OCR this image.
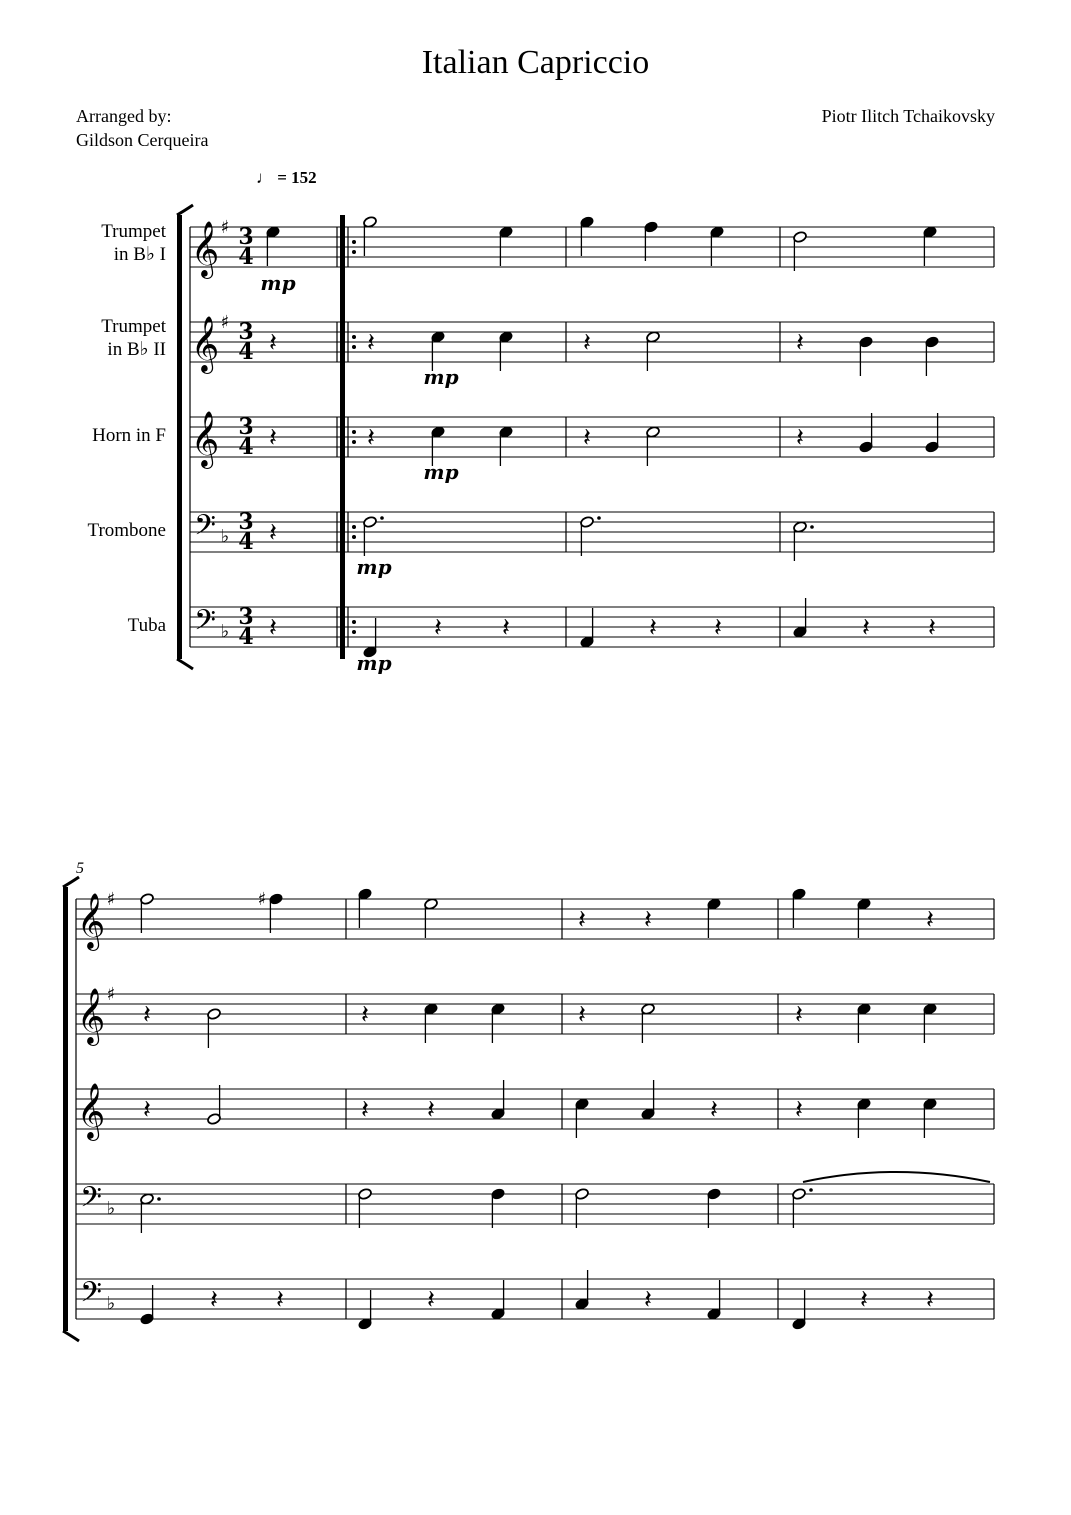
Italian Capriccio
Arranged by:
Gildson Cerqueira
Piotr Ilitch Tchaikovsky
♩ = 152
Trumpet
in B♭ I
Trumpet
in B♭ II
Horn in F
Trombone
Tuba
5
𝄞 ♯ 3
4
𝄞 ♯ 3
4
𝄞 3
4
𝄢 ♭
3
4
𝄢 ♭
3
4
𝄞 ♯
𝄞 ♯
𝄞
𝄢 ♭
𝄢 ♭
mp
𝄽	𝄽
mp
𝄽	𝄽
𝄽	𝄽
mp
𝄽	𝄽
𝄽
mp
𝄽
mp
𝄽 𝄽	𝄽 𝄽	𝄽 𝄽
♯
𝄽 𝄽	𝄽
𝄽	𝄽	𝄽	𝄽
𝄽	𝄽 𝄽	𝄽	𝄽
𝄽 𝄽	𝄽	𝄽	𝄽 𝄽
